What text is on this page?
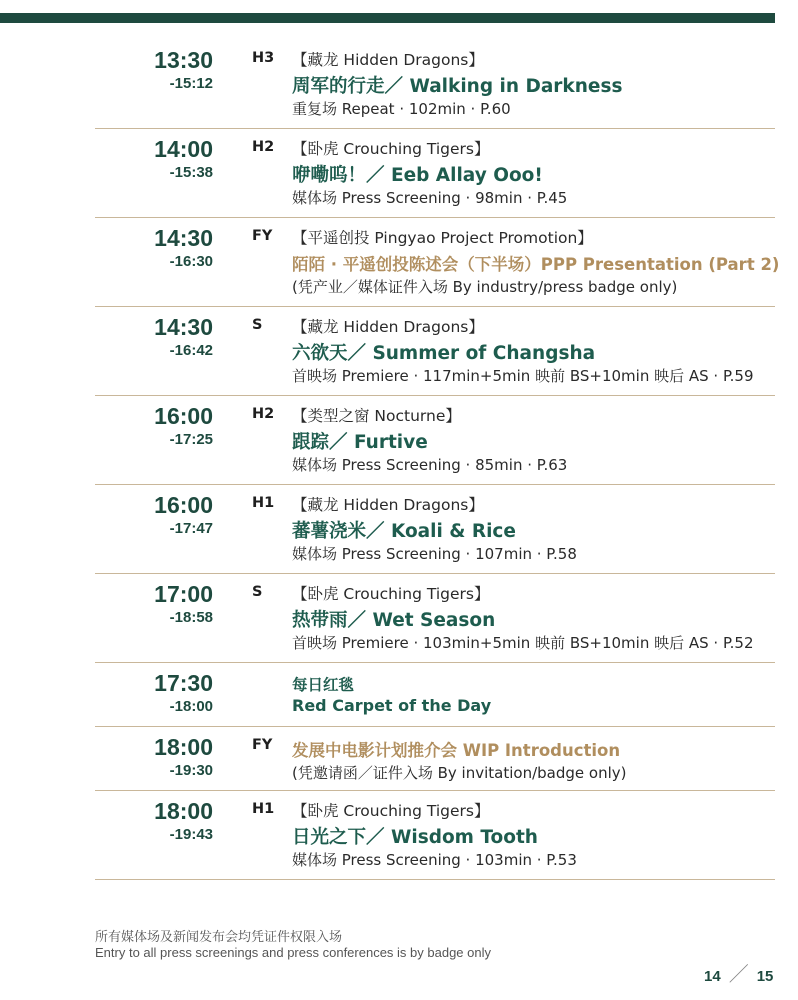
13:30
-15:12
H3 【藏龙 Hidden Dragons】
周军的行走／ Walking in Darkness
重复场 Repeat · 102min · P.60
14:00
-15:38
H2 【卧虎 Crouching Tigers】
咿嘞呜！／ Eeb Allay Ooo!
媒体场 Press Screening · 98min · P.45
14:30
-16:30
FY 【平遥创投 Pingyao Project Promotion】
陌陌 · 平遥创投陈述会（下半场）PPP Presentation (Part 2)
(凭产业／媒体证件入场 By industry/press badge only)
14:30
-16:42
S 【藏龙 Hidden Dragons】
六欲天／ Summer of Changsha
首映场 Premiere · 117min+5min 映前 BS+10min 映后 AS · P.59
16:00
-17:25
H2 【类型之窗 Nocturne】
跟踪／ Furtive
媒体场 Press Screening · 85min · P.63
16:00
-17:47
H1 【藏龙 Hidden Dragons】
蕃薯浇米／ Koali & Rice
媒体场 Press Screening · 107min · P.58
17:00
-18:58
S 【卧虎 Crouching Tigers】
热带雨／ Wet Season
首映场 Premiere · 103min+5min 映前 BS+10min 映后 AS · P.52
17:30
-18:00
每日红毯
Red Carpet of the Day
18:00
-19:30
FY 发展中电影计划推介会 WIP Introduction
(凭邀请函／证件入场 By invitation/badge only)
18:00
-19:43
H1 【卧虎 Crouching Tigers】
日光之下／ Wisdom Tooth
媒体场 Press Screening · 103min · P.53
所有媒体场及新闻发布会均凭证件权限入场
Entry to all press screenings and press conferences is by badge only
14 ／ 15
